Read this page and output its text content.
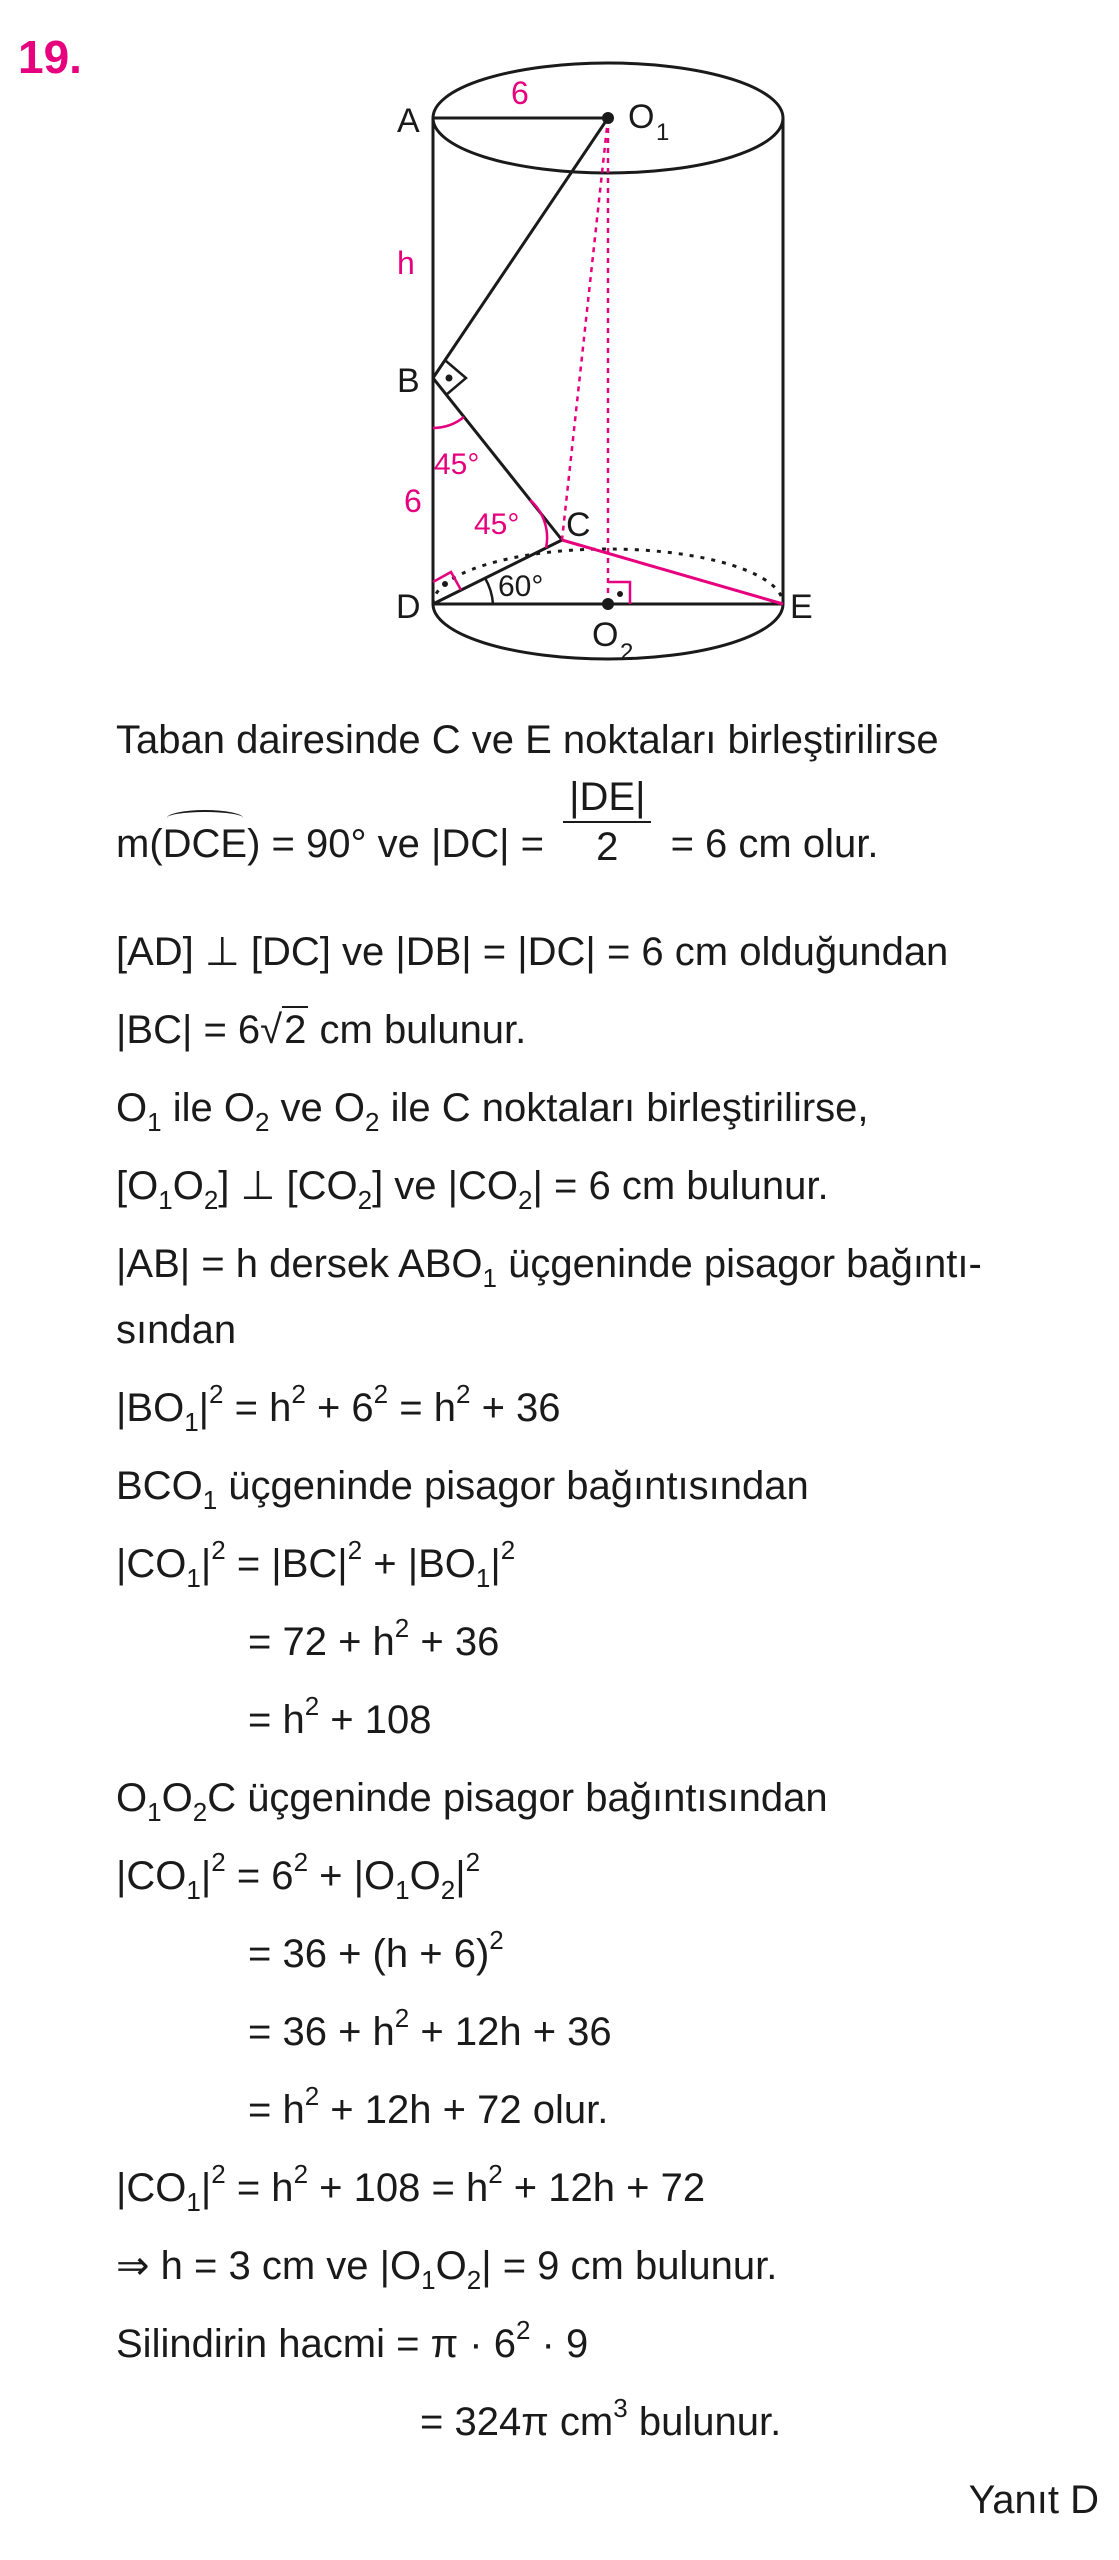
19.
A	O 1
6
h
B
6
45°
45° C
60°
D	E
O 2
Taban dairesinde C ve E noktaları birleştirilirse
m(
DCE) = 90° ve $|DC| = \frac{|DE|}{2} = 6$ cm olur.
[AD] ⊥ [DC] ve |DB| = |DC| = 6 cm olduğundan
|BC| = 6√2 cm bulunur.
$O_1$ ile $O_2$ ve $O_2$ ile C noktaları birleştirilirse,
$[O_1O_2]$ ⊥ $[CO_2]$ ve $|CO_2| = 6$ cm bulunur.
|AB| = h dersek $ABO_1$ üçgeninde pisagor bağıntı-
sından
$|BO_1|^2 = h^2 + 6^2 = h^2 + 36$
$BCO_1$ üçgeninde pisagor bağıntısından
$|CO_1|^2 = |BC|^2 + |BO_1|^2$
= $72 + h^2 + 36$
= $h^2 + 108$
$O_1O_2C$ üçgeninde pisagor bağıntısından
$|CO_1|^2 = 6^2 + |O_1O_2|^2$
= $36 + (h + 6)^2$
= $36 + h^2 + 12h + 36$
= $h^2 + 12h + 72$ olur.
$|CO_1|^2 = h^2 + 108 = h^2 + 12h + 72$
⇒ h = 3 cm ve $|O_1O_2| = 9$ cm bulunur.
Silindirin hacmi = $\pi \cdot 6^2 \cdot 9$
= 324π $cm^3$ bulunur.
Yanıt D
